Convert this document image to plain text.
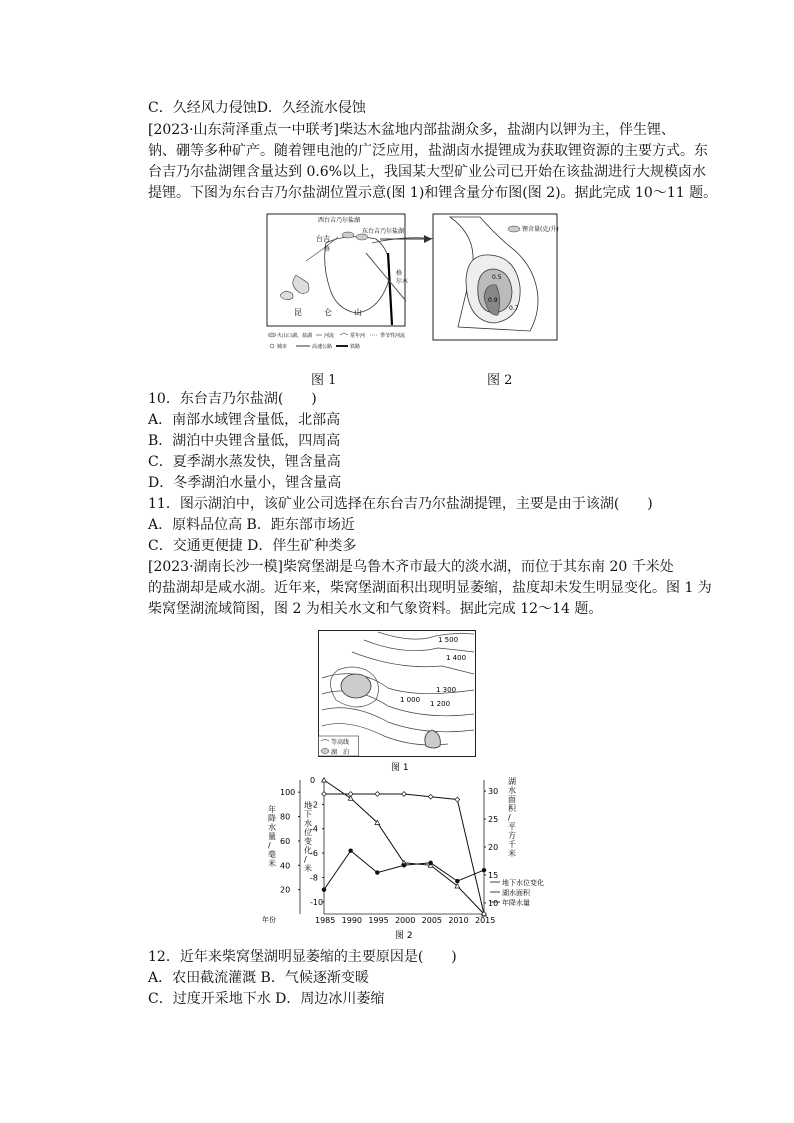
C．久经风力侵蚀D．久经流水侵蚀
[2023·山东菏泽重点一中联考]柴达木盆地内部盐湖众多，盐湖内以钾为主，伴生锂、
钠、硼等多种矿产。随着锂电池的广泛应用，盐湖卤水提锂成为获取锂资源的主要方式。东
台吉乃尔盐湖锂含量达到 0.6%以上，我国某大型矿业公司已开始在该盐湖进行大规模卤水
提锂。下图为东台吉乃尔盐湖位置示意(图 1)和锂含量分布图(图 2)。据此完成 10～11 题。
西台吉乃尔盐湖
东台吉乃尔盐湖
台吉
格
格
尔木
昆	仑	山
火山口湖、盐湖 河流	常年河	季节性河流
城市	高速公路	铁路
锂含量(克/升)
0.5
0.9
0.7
图 1	图 2
10．东台吉乃尔盐湖(　　)
A．南部水域锂含量低，北部高
B．湖泊中央锂含量低，四周高
C．夏季湖水蒸发快，锂含量高
D．冬季湖泊水量小，锂含量高
11．图示湖泊中，该矿业公司选择在东台吉乃尔盐湖提锂，主要是由于该湖(　　)
A．原料品位高 B．距东部市场近
C．交通更便捷 D．伴生矿种类多
[2023·湖南长沙一模]柴窝堡湖是乌鲁木齐市最大的淡水湖，而位于其东南 20 千米处
的盐湖却是咸水湖。近年来，柴窝堡湖面积出现明显萎缩，盐度却未发生明显变化。图 1 为
柴窝堡湖流域简图，图 2 为相关水文和气象资料。据此完成 12～14 题。
1 500
1 400
1 300
1 200
1 000
等高线
湖　泊
图 1
年
降
水
量
/
毫
米
地
下
水
位
变
化
/
米
湖
水
面
积
/
平
方
千
米
1985 1990 1995 2000 2005 2010 2015
20
40
60
80
100
0
-2
-4
-6
-8
-10	10
15
20
25
30
地下水位变化
湖水面积
年降水量
年份
图 2
12．近年来柴窝堡湖明显萎缩的主要原因是(　　)
A．农田截流灌溉 B．气候逐渐变暖
C．过度开采地下水 D．周边冰川萎缩
